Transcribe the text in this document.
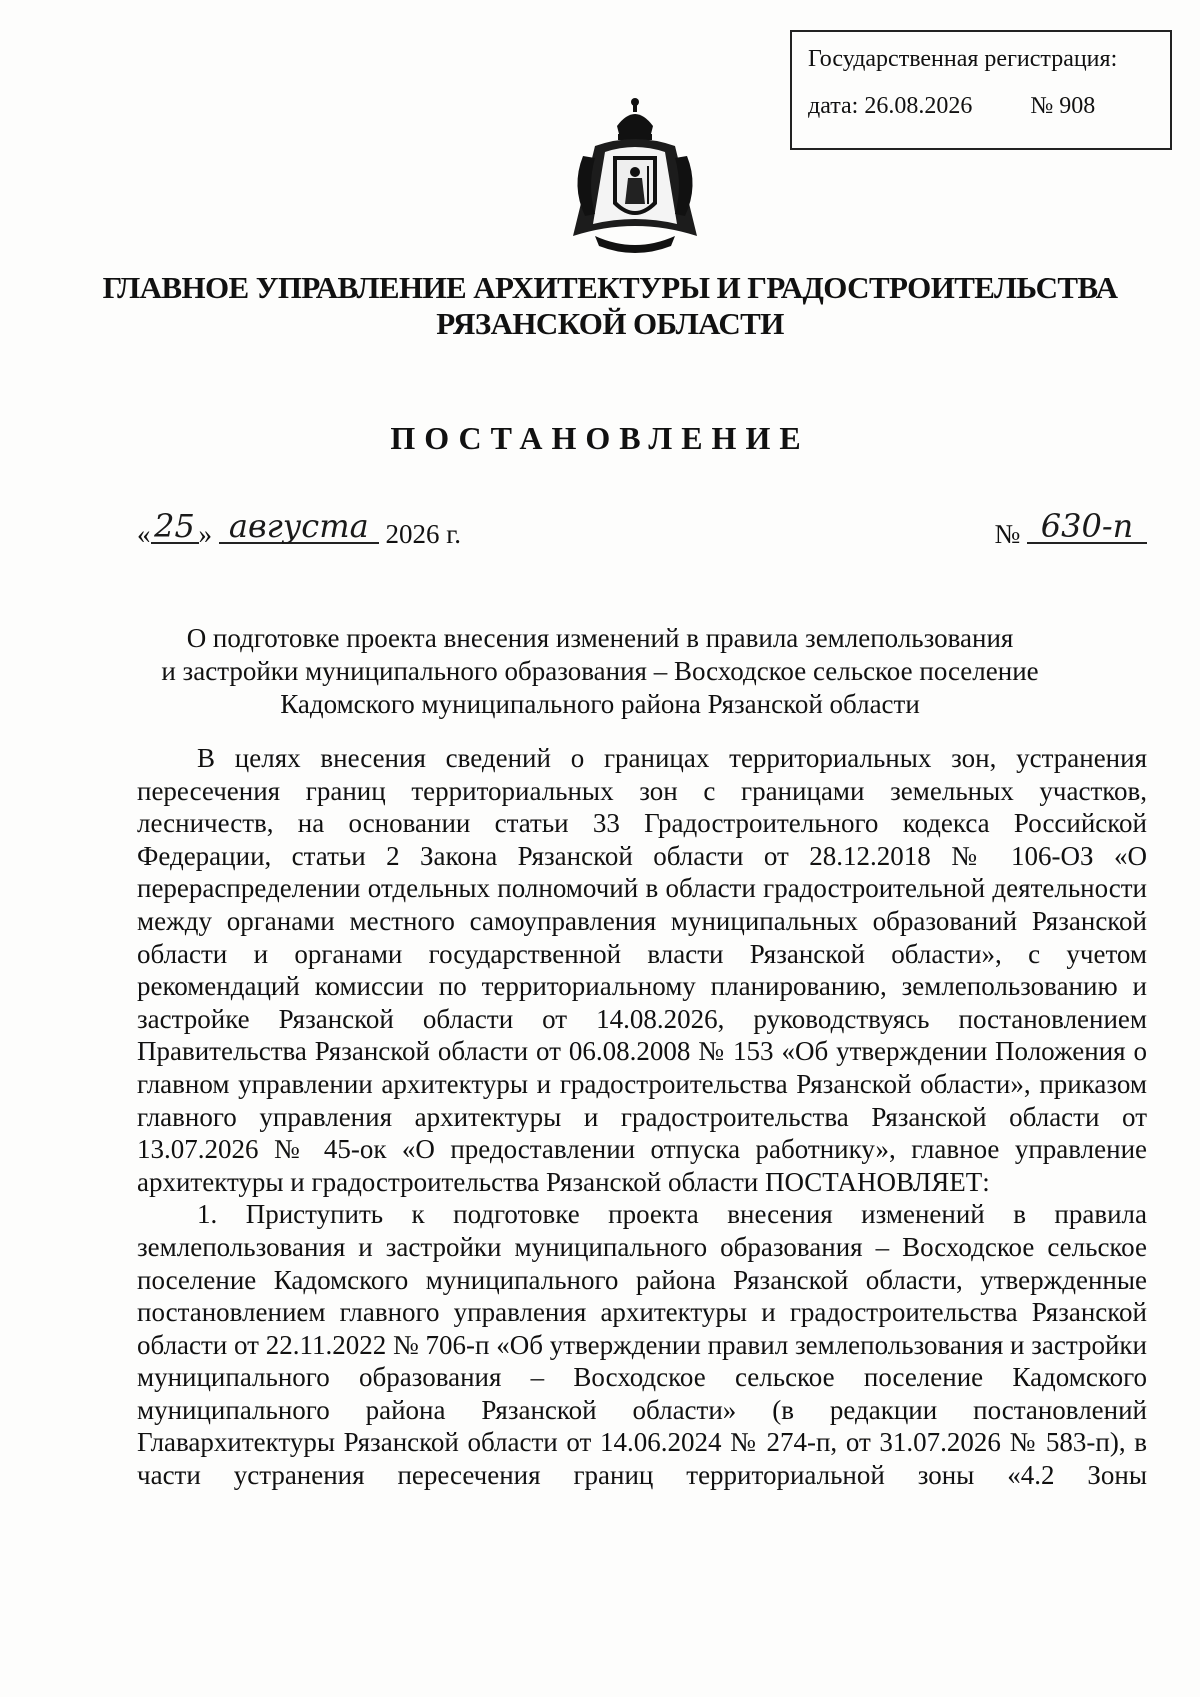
Государственная регистрация:
дата: 26.08.2026 № 908
ГЛАВНОЕ УПРАВЛЕНИЕ АРХИТЕКТУРЫ И ГРАДОСТРОИТЕЛЬСТВА
РЯЗАНСКОЙ ОБЛАСТИ
ПОСТАНОВЛЕНИЕ
« 25 » августа 2026 г.	№ 630-п
О подготовке проекта внесения изменений в правила землепользования
и застройки муниципального образования – Восходское сельское поселение
Кадомского муниципального района Рязанской области

В целях внесения сведений о границах территориальных зон, устранения пересечения границ территориальных зон с границами земельных участков, лесничеств, на основании статьи 33 Градостроительного кодекса Российской Федерации, статьи 2 Закона Рязанской области от 28.12.2018 № 106-ОЗ «О перераспределении отдельных полномочий в области градостроительной деятельности между органами местного самоуправления муниципальных образований Рязанской области и органами государственной власти Рязанской области», с учетом рекомендаций комиссии по территориальному планированию, землепользованию и застройке Рязанской области от 14.08.2026, руководствуясь постановлением Правительства Рязанской области от 06.08.2008 № 153 «Об утверждении Положения о главном управлении архитектуры и градостроительства Рязанской области», приказом главного управления архитектуры и градостроительства Рязанской области от 13.07.2026 № 45-ок «О предоставлении отпуска работнику», главное управление архитектуры и градостроительства Рязанской области ПОСТАНОВЛЯЕТ:

1. Приступить к подготовке проекта внесения изменений в правила землепользования и застройки муниципального образования – Восходское сельское поселение Кадомского муниципального района Рязанской области, утвержденные постановлением главного управления архитектуры и градостроительства Рязанской области от 22.11.2022 № 706-п «Об утверждении правил землепользования и застройки муниципального образования – Восходское сельское поселение Кадомского муниципального района Рязанской области» (в редакции постановлений Главархитектуры Рязанской области от 14.06.2024 № 274-п, от 31.07.2026 № 583-п), в части устранения пересечения границ территориальной зоны «4.2 Зоны
